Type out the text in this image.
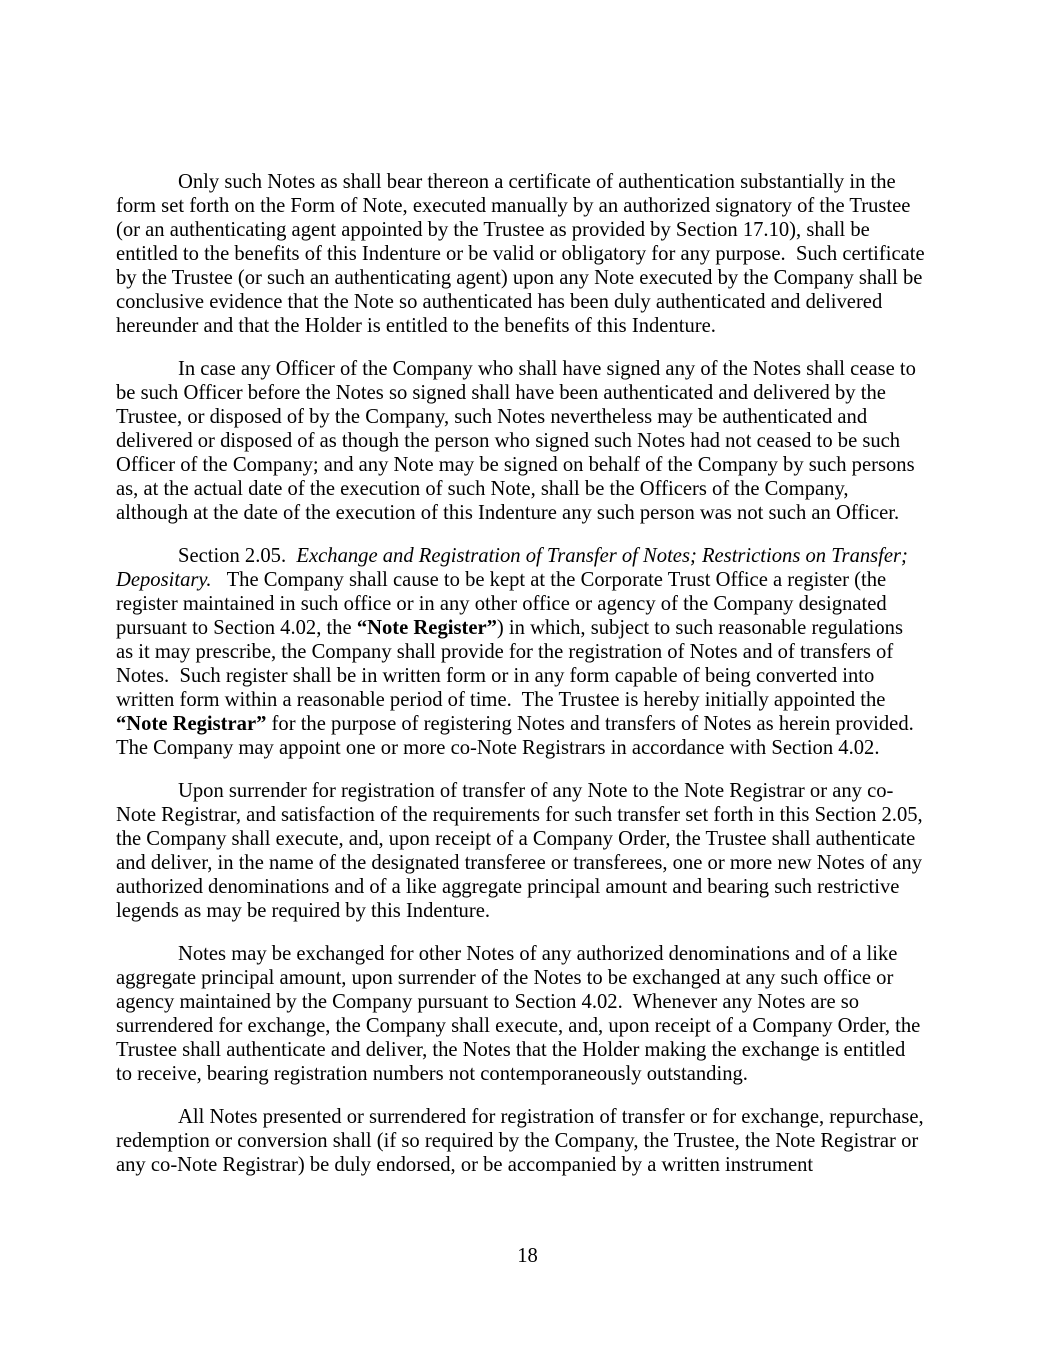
Only such Notes as shall bear thereon a certificate of authentication substantially in the form set forth on the Form of Note, executed manually by an authorized signatory of the Trustee (or an authenticating agent appointed by the Trustee as provided by Section 17.10), shall be entitled to the benefits of this Indenture or be valid or obligatory for any purpose.  Such certificate by the Trustee (or such an authenticating agent) upon any Note executed by the Company shall be conclusive evidence that the Note so authenticated has been duly authenticated and delivered hereunder and that the Holder is entitled to the benefits of this Indenture.

In case any Officer of the Company who shall have signed any of the Notes shall cease to be such Officer before the Notes so signed shall have been authenticated and delivered by the Trustee, or disposed of by the Company, such Notes nevertheless may be authenticated and delivered or disposed of as though the person who signed such Notes had not ceased to be such Officer of the Company; and any Note may be signed on behalf of the Company by such persons as, at the actual date of the execution of such Note, shall be the Officers of the Company, although at the date of the execution of this Indenture any such person was not such an Officer.

Section 2.05.  Exchange and Registration of Transfer of Notes; Restrictions on Transfer; Depositary.   The Company shall cause to be kept at the Corporate Trust Office a register (the register maintained in such office or in any other office or agency of the Company designated pursuant to Section 4.02, the “Note Register”) in which, subject to such reasonable regulations as it may prescribe, the Company shall provide for the registration of Notes and of transfers of Notes.  Such register shall be in written form or in any form capable of being converted into written form within a reasonable period of time.  The Trustee is hereby initially appointed the “Note Registrar” for the purpose of registering Notes and transfers of Notes as herein provided.  The Company may appoint one or more co-Note Registrars in accordance with Section 4.02.

Upon surrender for registration of transfer of any Note to the Note Registrar or any co-Note Registrar, and satisfaction of the requirements for such transfer set forth in this Section 2.05, the Company shall execute, and, upon receipt of a Company Order, the Trustee shall authenticate and deliver, in the name of the designated transferee or transferees, one or more new Notes of any authorized denominations and of a like aggregate principal amount and bearing such restrictive legends as may be required by this Indenture.

Notes may be exchanged for other Notes of any authorized denominations and of a like aggregate principal amount, upon surrender of the Notes to be exchanged at any such office or agency maintained by the Company pursuant to Section 4.02.  Whenever any Notes are so surrendered for exchange, the Company shall execute, and, upon receipt of a Company Order, the Trustee shall authenticate and deliver, the Notes that the Holder making the exchange is entitled to receive, bearing registration numbers not contemporaneously outstanding.

All Notes presented or surrendered for registration of transfer or for exchange, repurchase, redemption or conversion shall (if so required by the Company, the Trustee, the Note Registrar or any co-Note Registrar) be duly endorsed, or be accompanied by a written instrument

18
